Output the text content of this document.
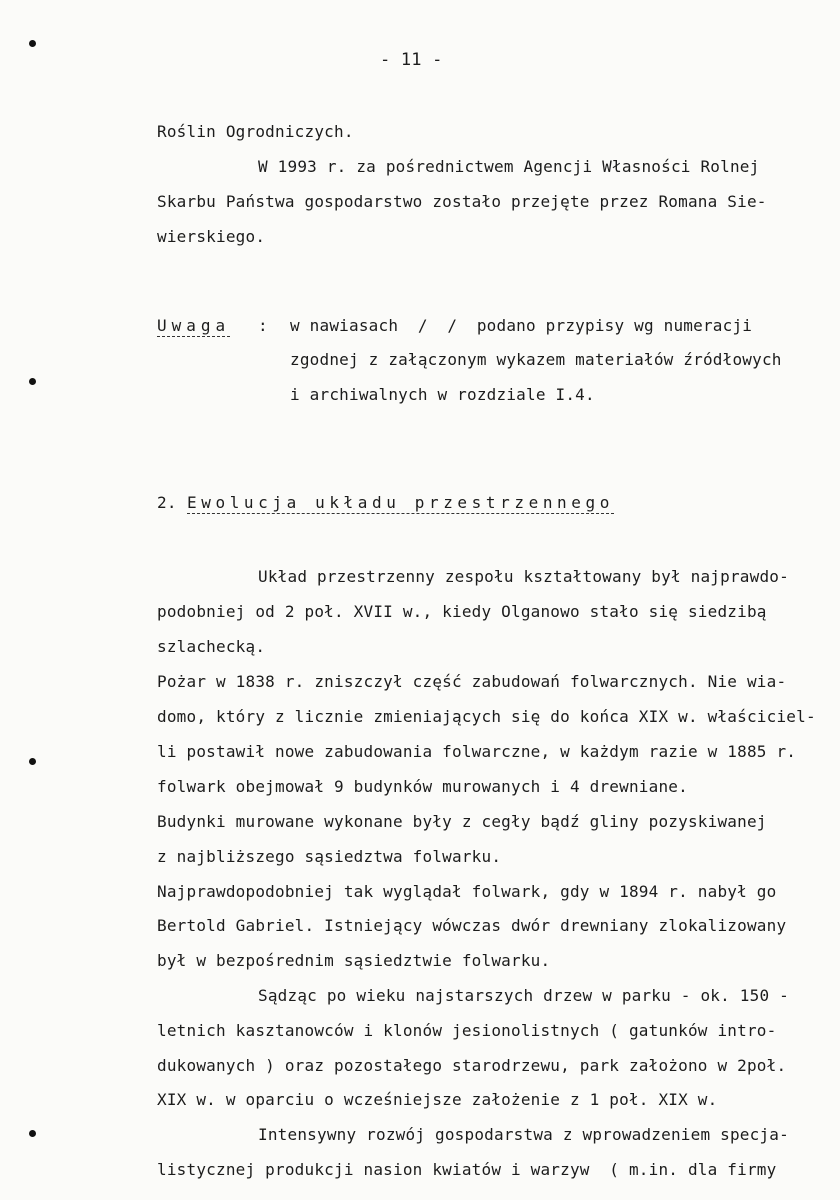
- 11 -
Roślin Ogrodniczych.
W 1993 r. za pośrednictwem Agencji Własności Rolnej
Skarbu Państwa gospodarstwo zostało przejęte przez Romana Sie-
wierskiego.
Uwaga : w nawiasach  /  /  podano przypisy wg numeracji
zgodnej z załączonym wykazem materiałów źródłowych
i archiwalnych w rozdziale I.4.
2. Ewolucja układu przestrzennego
Układ przestrzenny zespołu kształtowany był najprawdo-
podobniej od 2 poł. XVII w., kiedy Olganowo stało się siedzibą
szlachecką.
Pożar w 1838 r. zniszczył część zabudowań folwarcznych. Nie wia-
domo, który z licznie zmieniających się do końca XIX w. właściciel-
li postawił nowe zabudowania folwarczne, w każdym razie w 1885 r.
folwark obejmował 9 budynków murowanych i 4 drewniane.
Budynki murowane wykonane były z cegły bądź gliny pozyskiwanej
z najbliższego sąsiedztwa folwarku.
Najprawdopodobniej tak wyglądał folwark, gdy w 1894 r. nabył go
Bertold Gabriel. Istniejący wówczas dwór drewniany zlokalizowany
był w bezpośrednim sąsiedztwie folwarku.
Sądząc po wieku najstarszych drzew w parku - ok. 150 -
letnich kasztanowców i klonów jesionolistnych ( gatunków intro-
dukowanych ) oraz pozostałego starodrzewu, park założono w 2poł.
XIX w. w oparciu o wcześniejsze założenie z 1 poł. XIX w.
Intensywny rozwój gospodarstwa z wprowadzeniem specja-
listycznej produkcji nasion kwiatów i warzyw  ( m.in. dla firmy
